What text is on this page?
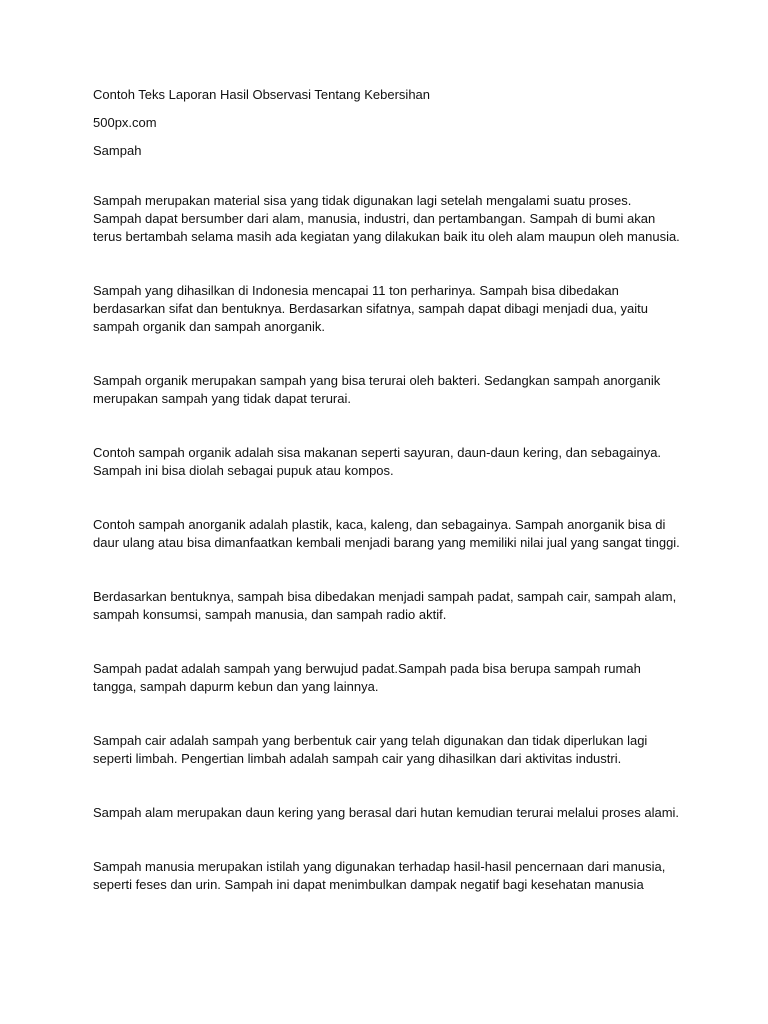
Contoh Teks Laporan Hasil Observasi Tentang Kebersihan

500px.com

Sampah

Sampah merupakan material sisa yang tidak digunakan lagi setelah mengalami suatu proses. Sampah dapat bersumber dari alam, manusia, industri, dan pertambangan. Sampah di bumi akan terus bertambah selama masih ada kegiatan yang dilakukan baik itu oleh alam maupun oleh manusia.

Sampah yang dihasilkan di Indonesia mencapai 11 ton perharinya. Sampah bisa dibedakan berdasarkan sifat dan bentuknya. Berdasarkan sifatnya, sampah dapat dibagi menjadi dua, yaitu sampah organik dan sampah anorganik.

Sampah organik merupakan sampah yang bisa terurai oleh bakteri. Sedangkan sampah anorganik merupakan sampah yang tidak dapat terurai.

Contoh sampah organik adalah sisa makanan seperti sayuran, daun-daun kering, dan sebagainya. Sampah ini bisa diolah sebagai pupuk atau kompos.

Contoh sampah anorganik adalah plastik, kaca, kaleng, dan sebagainya. Sampah anorganik bisa di daur ulang atau bisa dimanfaatkan kembali menjadi barang yang memiliki nilai jual yang sangat tinggi.

Berdasarkan bentuknya, sampah bisa dibedakan menjadi sampah padat, sampah cair, sampah alam, sampah konsumsi, sampah manusia, dan sampah radio aktif.

Sampah padat adalah sampah yang berwujud padat.Sampah pada bisa berupa sampah rumah tangga, sampah dapurm kebun dan yang lainnya.

Sampah cair adalah sampah yang berbentuk cair yang telah digunakan dan tidak diperlukan lagi seperti limbah. Pengertian limbah adalah sampah cair yang dihasilkan dari aktivitas industri.

Sampah alam merupakan daun kering yang berasal dari hutan kemudian terurai melalui proses alami.

Sampah manusia merupakan istilah yang digunakan terhadap hasil-hasil pencernaan dari manusia, seperti feses dan urin. Sampah ini dapat menimbulkan dampak negatif bagi kesehatan manusia
